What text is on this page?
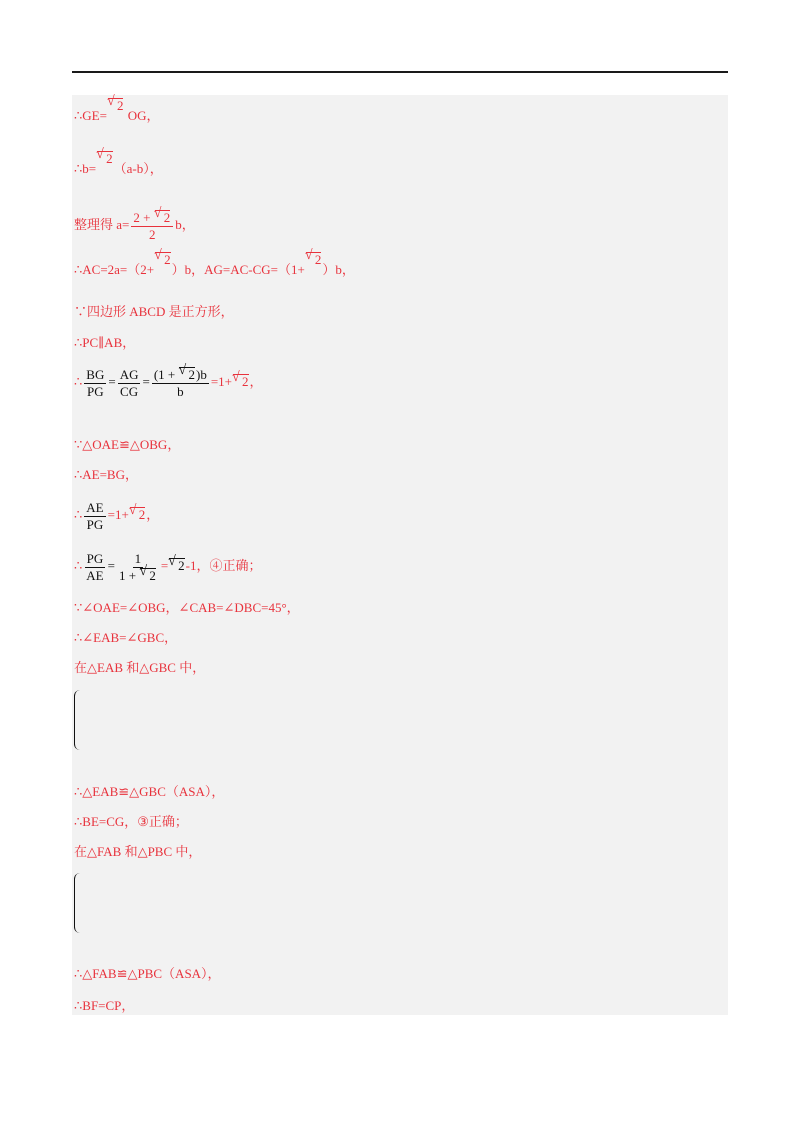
∴GE=√ 2 OG，
∴b=√ 2（a-b），
整理得 $a= \frac{2 + √ 2}{2}$ b，
∴AC=2a=（2+√ 2）b，AG=AC-CG=（1+√ 2）b，
∵四边形 ABCD 是正方形，
∴PC∥AB，
∴ $\frac{BG}{PG} = \frac{AG}{CG} = \frac{(1 + √ 2)b}{b} =1+√$ 2，
∵△OAE≌△OBG，
∴AE=BG，
∴ $\frac{AE}{PG} =1+√$ 2，
∴ $\frac{PG}{AE} = \frac{1}{1 + √ 2}$ =√ 2-1，④正确；
∵∠OAE=∠OBG，∠CAB=∠DBC=45°，
∴∠EAB=∠GBC，
在△EAB 和△GBC 中，
∴△EAB≌△GBC（ASA），
∴BE=CG，③正确；
在△FAB 和△PBC 中，
∴△FAB≌△PBC（ASA），
∴BF=CP，
